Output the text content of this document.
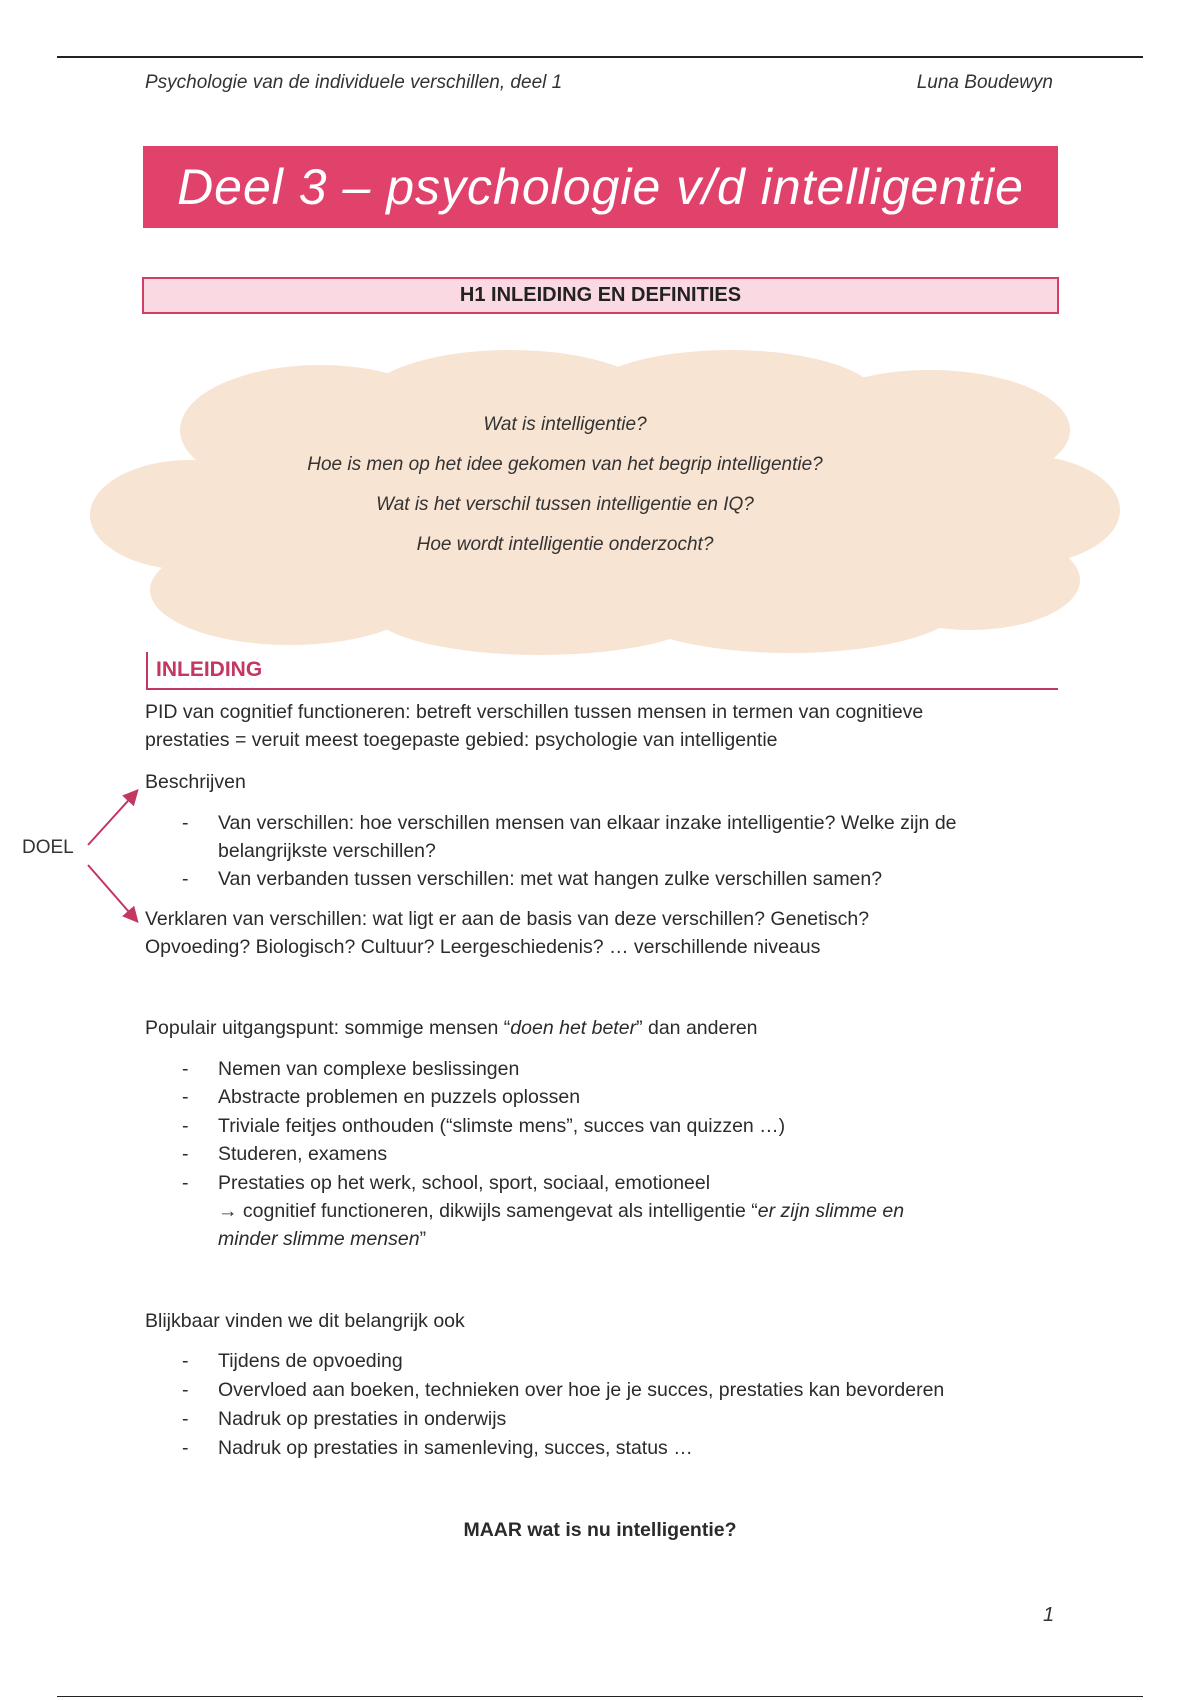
Psychologie van de individuele verschillen, deel 1	Luna Boudewyn
Deel 3 – psychologie v/d intelligentie
H1 INLEIDING EN DEFINITIES
Wat is intelligentie?
Hoe is men op het idee gekomen van het begrip intelligentie?
Wat is het verschil tussen intelligentie en IQ?
Hoe wordt intelligentie onderzocht?
INLEIDING
PID van cognitief functioneren: betreft verschillen tussen mensen in termen van cognitieve
prestaties = veruit meest toegepaste gebied: psychologie van intelligentie
Beschrijven
DOEL
- Van verschillen: hoe verschillen mensen van elkaar inzake intelligentie? Welke zijn de
belangrijkste verschillen?
- Van verbanden tussen verschillen: met wat hangen zulke verschillen samen?
Verklaren van verschillen: wat ligt er aan de basis van deze verschillen? Genetisch?
Opvoeding? Biologisch? Cultuur? Leergeschiedenis? … verschillende niveaus
Populair uitgangspunt: sommige mensen “doen het beter” dan anderen
- Nemen van complexe beslissingen
- Abstracte problemen en puzzels oplossen
- Triviale feitjes onthouden (“slimste mens”, succes van quizzen …)
- Studeren, examens
- Prestaties op het werk, school, sport, sociaal, emotioneel
→ cognitief functioneren, dikwijls samengevat als intelligentie “er zijn slimme en
minder slimme mensen”
Blijkbaar vinden we dit belangrijk ook
- Tijdens de opvoeding
- Overvloed aan boeken, technieken over hoe je je succes, prestaties kan bevorderen
- Nadruk op prestaties in onderwijs
- Nadruk op prestaties in samenleving, succes, status …
MAAR wat is nu intelligentie?
1
